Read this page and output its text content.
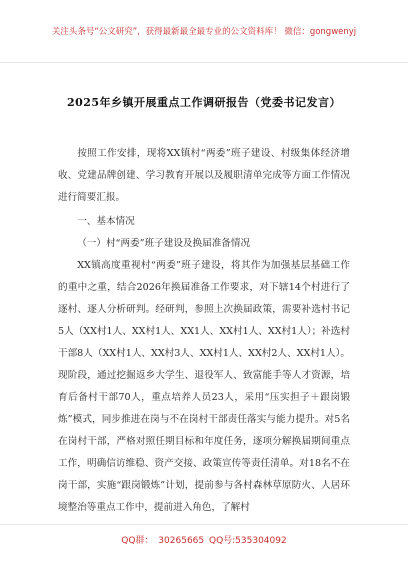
关注头条号“公文研究”，获得最新最全最专业的公文资料库！ 微信：gongwenyj
2025年乡镇开展重点工作调研报告（党委书记发言）

按照工作安排，现将XX镇村“两委”班子建设、村级集体经济增收、党建品牌创建、学习教育开展以及履职清单完成等方面工作情况进行简要汇报。

一、基本情况

（一）村“两委”班子建设及换届准备情况

XX镇高度重视村“两委”班子建设，将其作为加强基层基础工作的重中之重，结合2026年换届准备工作要求，对下辖14个村进行了逐村、逐人分析研判。经研判，参照上次换届政策，需要补选村书记5人（XX村1人、XX村1人、XX1人、XX村1人、XX村1人）；补选村干部8人（XX村1人、XX村3人、XX村1人、XX村2人、XX村1人）。现阶段，通过挖掘返乡大学生、退役军人、致富能手等人才资源，培育后备村干部70人，重点培养人员23人，采用“压实担子＋跟岗锻炼”模式，同步推进在岗与不在岗村干部责任落实与能力提升。对5名在岗村干部，严格对照任期目标和年度任务，逐项分解换届期间重点工作，明确信访维稳、资产交接、政策宣传等责任清单。对18名不在岗干部，实施“跟岗锻炼”计划，提前参与各村森林草原防火、人居环境整治等重点工作中，提前进入角色，了解村

QQ群： 30265665 QQ号:535304092
